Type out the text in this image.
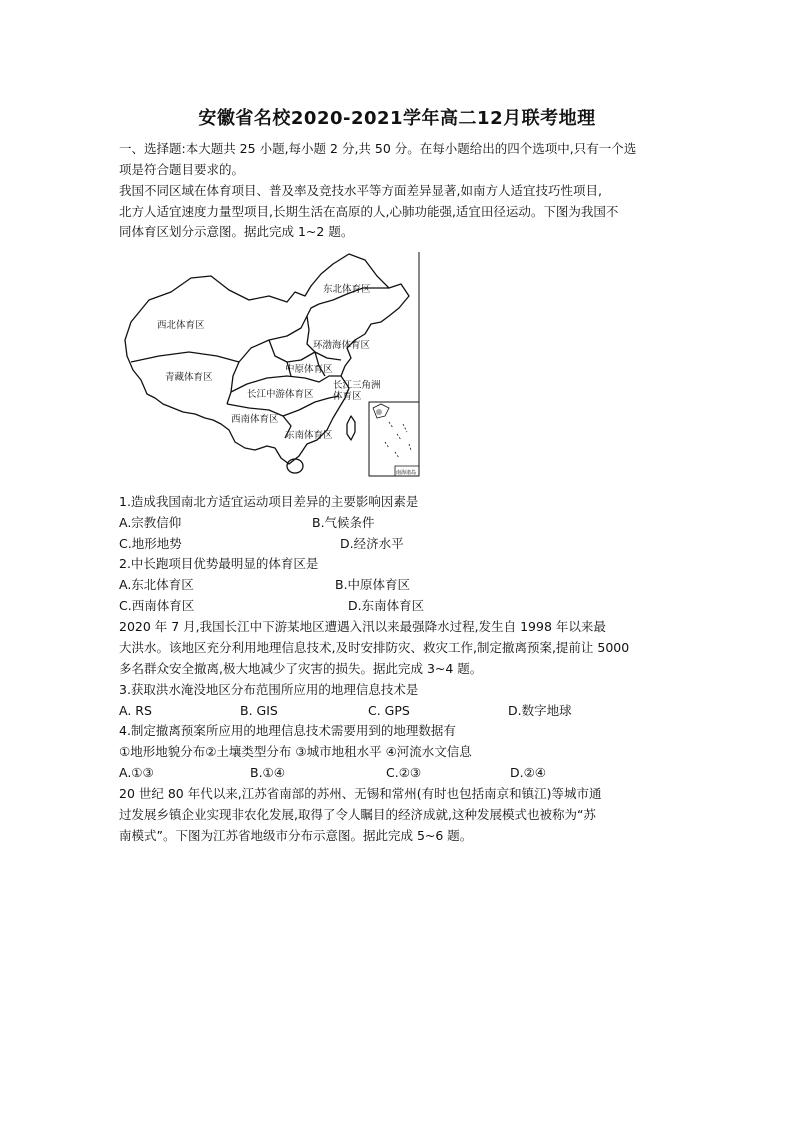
安徽省名校2020-2021学年高二12月联考地理
一、选择题:本大题共 25 小题,每小题 2 分,共 50 分。在每小题给出的四个选项中,只有一个选
项是符合题目要求的。
我国不同区域在体育项目、普及率及竞技水平等方面差异显著,如南方人适宜技巧性项目,
北方人适宜速度力量型项目,长期生活在高原的人,心肺功能强,适宜田径运动。下图为我国不
同体育区划分示意图。据此完成 1~2 题。
东北体育区
西北体育区
环渤海体育区
中原体育区
青藏体育区
长江中游体育区
长江三角洲
体育区
西南体育区
东南体育区
南海诸岛
1.造成我国南北方适宜运动项目差异的主要影响因素是
A.宗教信仰	B.气候条件
C.地形地势	D.经济水平
2.中长跑项目优势最明显的体育区是
A.东北体育区	B.中原体育区
C.西南体育区	D.东南体育区
2020 年 7 月,我国长江中下游某地区遭遇入汛以来最强降水过程,发生自 1998 年以来最
大洪水。该地区充分利用地理信息技术,及时安排防灾、救灾工作,制定撤离预案,提前让 5000
多名群众安全撤离,极大地减少了灾害的损失。据此完成 3~4 题。
3.获取洪水淹没地区分布范围所应用的地理信息技术是
A. RS	B. GIS	C. GPS	D.数字地球
4.制定撤离预案所应用的地理信息技术需要用到的地理数据有
①地形地貌分布②土壤类型分布 ③城市地租水平 ④河流水文信息
A.①③	B.①④	C.②③	D.②④
20 世纪 80 年代以来,江苏省南部的苏州、无锡和常州(有时也包括南京和镇江)等城市通
过发展乡镇企业实现非农化发展,取得了令人瞩目的经济成就,这种发展模式也被称为“苏
南模式”。下图为江苏省地级市分布示意图。据此完成 5~6 题。
